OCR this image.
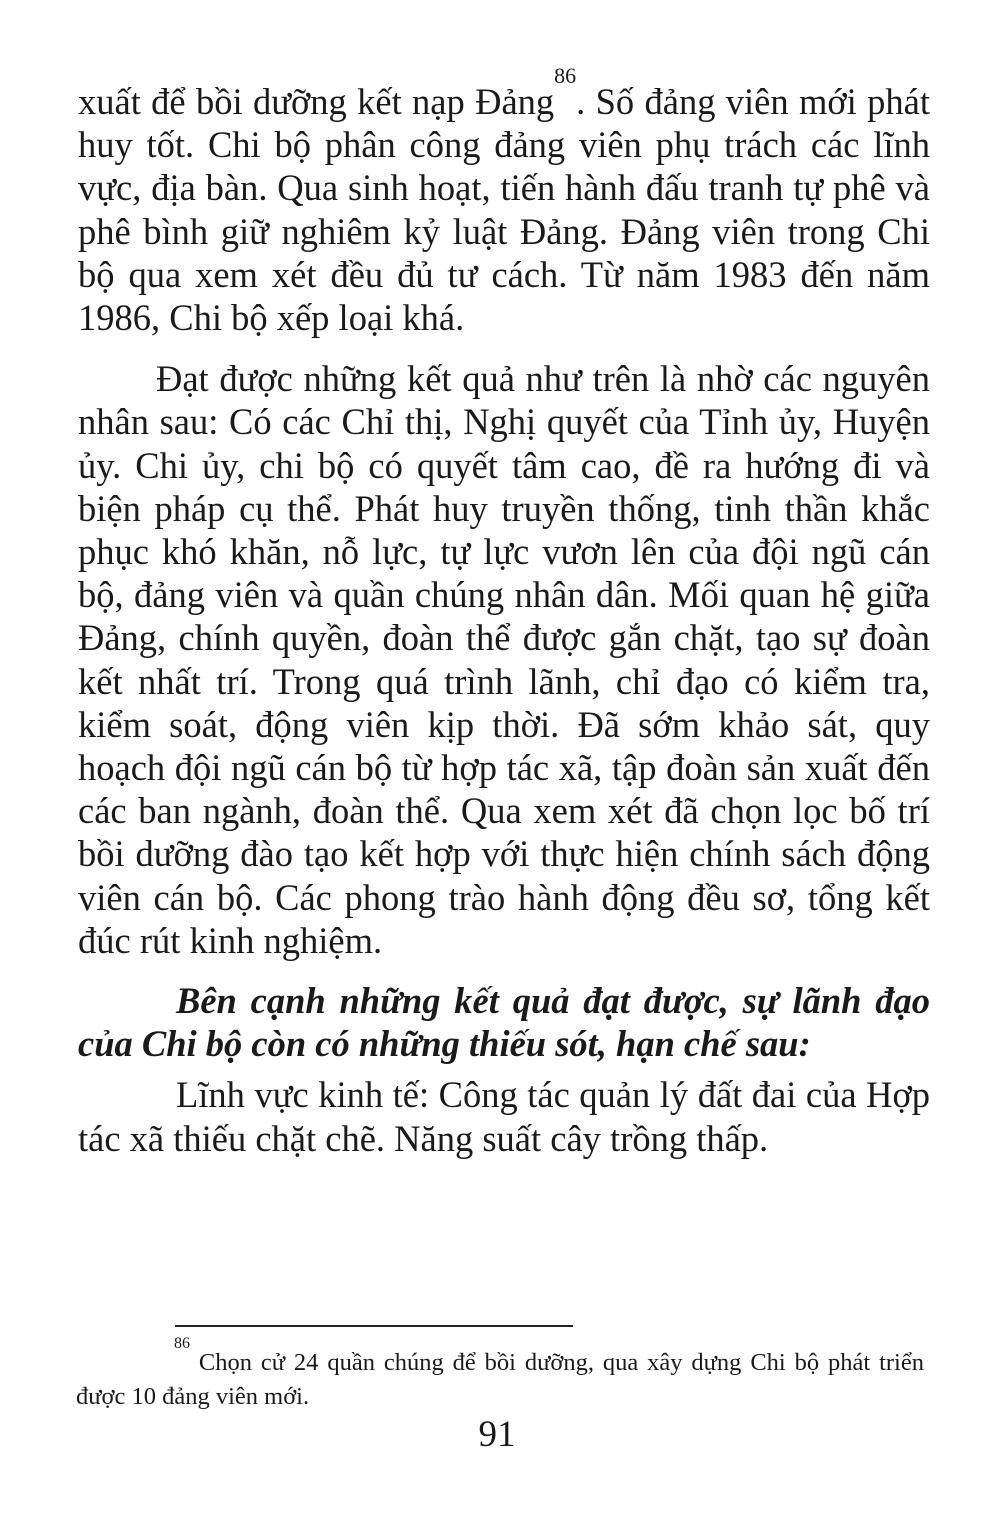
xuất để bồi dưỡng kết nạp Đảng$^{86}$. Số đảng viên mới phát huy tốt. Chi bộ phân công đảng viên phụ trách các lĩnh vực, địa bàn. Qua sinh hoạt, tiến hành đấu tranh tự phê và phê bình giữ nghiêm kỷ luật Đảng. Đảng viên trong Chi bộ qua xem xét đều đủ tư cách. Từ năm 1983 đến năm 1986, Chi bộ xếp loại khá.

Đạt được những kết quả như trên là nhờ các nguyên nhân sau: Có các Chỉ thị, Nghị quyết của Tỉnh ủy, Huyện ủy. Chi ủy, chi bộ có quyết tâm cao, đề ra hướng đi và biện pháp cụ thể. Phát huy truyền thống, tinh thần khắc phục khó khăn, nỗ lực, tự lực vươn lên của đội ngũ cán bộ, đảng viên và quần chúng nhân dân. Mối quan hệ giữa Đảng, chính quyền, đoàn thể được gắn chặt, tạo sự đoàn kết nhất trí. Trong quá trình lãnh, chỉ đạo có kiểm tra, kiểm soát, động viên kịp thời. Đã sớm khảo sát, quy hoạch đội ngũ cán bộ từ hợp tác xã, tập đoàn sản xuất đến các ban ngành, đoàn thể. Qua xem xét đã chọn lọc bố trí bồi dưỡng đào tạo kết hợp với thực hiện chính sách động viên cán bộ. Các phong trào hành động đều sơ, tổng kết đúc rút kinh nghiệm.

Bên cạnh những kết quả đạt được, sự lãnh đạo của Chi bộ còn có những thiếu sót, hạn chế sau:

Lĩnh vực kinh tế: Công tác quản lý đất đai của Hợp tác xã thiếu chặt chẽ. Năng suất cây trồng thấp.

$^{86}$ Chọn cử 24 quần chúng để bồi dưỡng, qua xây dựng Chi bộ phát triển được 10 đảng viên mới.
91
